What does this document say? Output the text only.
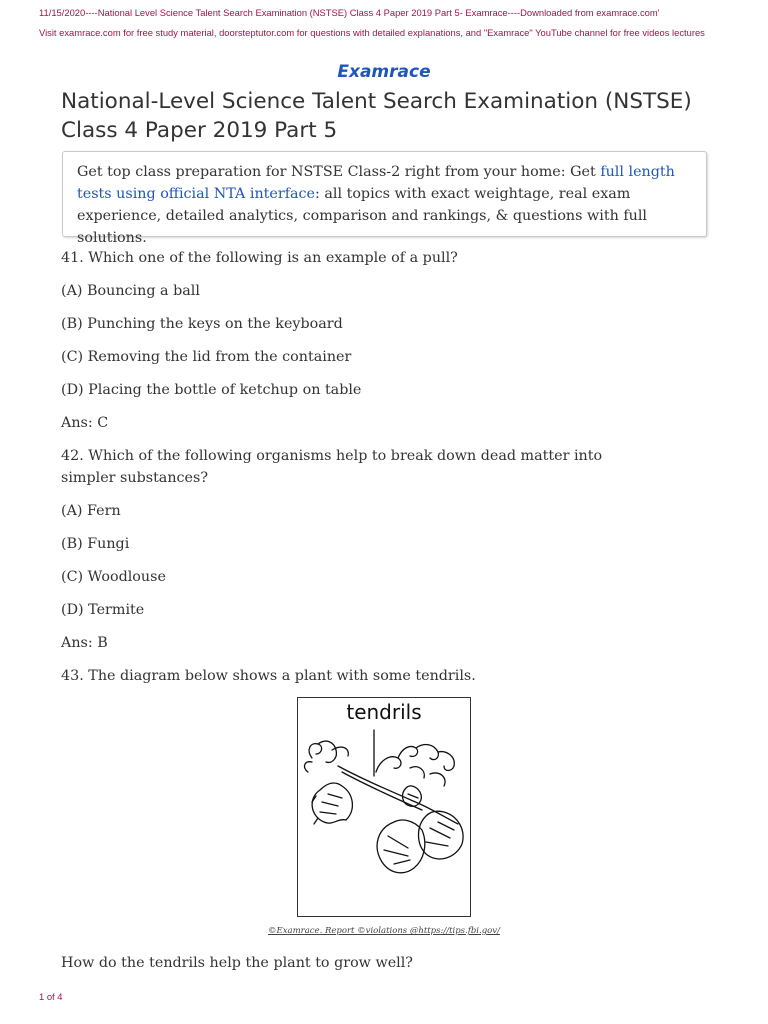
11/15/2020----National Level Science Talent Search Examination (NSTSE) Class 4 Paper 2019 Part 5- Examrace----Downloaded from examrace.com'
Visit examrace.com for free study material, doorsteptutor.com for questions with detailed explanations, and "Examrace" YouTube channel for free videos lectures
Examrace
National-Level Science Talent Search Examination (NSTSE) Class 4 Paper 2019 Part 5
Get top class preparation for NSTSE Class-2 right from your home: Get full length tests using official NTA interface: all topics with exact weightage, real exam experience, detailed analytics, comparison and rankings, & questions with full solutions.

41. Which one of the following is an example of a pull?

(A) Bouncing a ball

(B) Punching the keys on the keyboard

(C) Removing the lid from the container

(D) Placing the bottle of ketchup on table

Ans: C

42. Which of the following organisms help to break down dead matter into simpler substances?

(A) Fern

(B) Fungi

(C) Woodlouse

(D) Termite

Ans: B

43. The diagram below shows a plant with some tendrils.

tendrils
©Examrace. Report ©violations @https://tips.fbi.gov/
How do the tendrils help the plant to grow well?
1 of 4
